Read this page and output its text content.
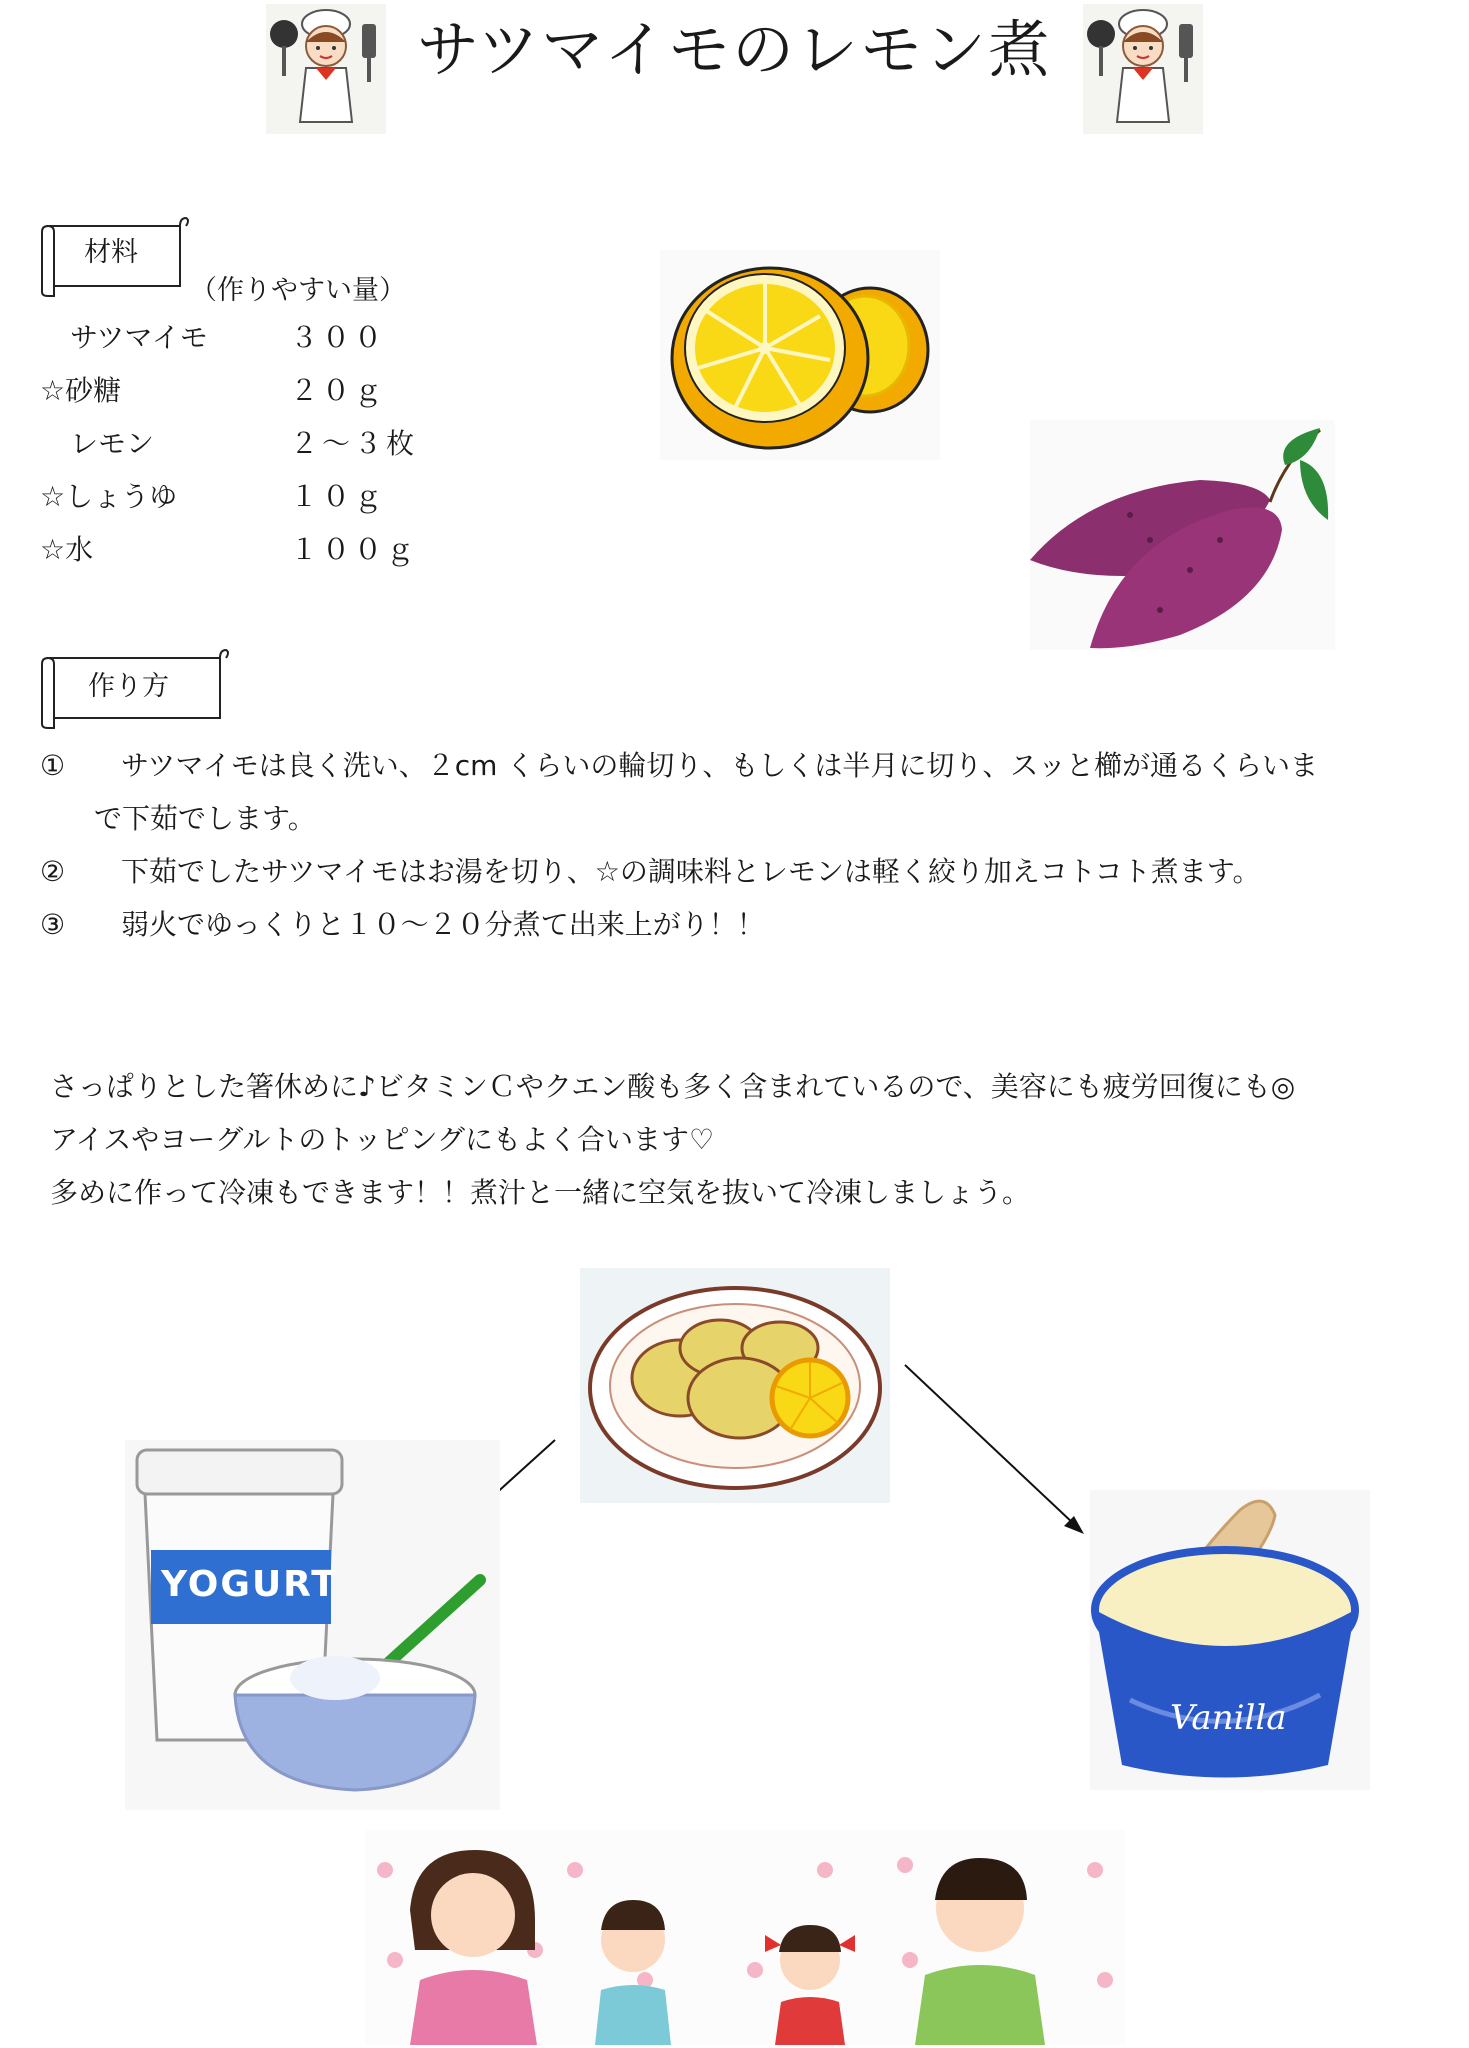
サツマイモのレモン煮
材料
（作りやすい量）
サツマイモ	３００
☆砂糖	２０ｇ
レモン	２～３枚
☆しょうゆ	１０ｇ
☆水	１００ｇ
作り方
① サツマイモは良く洗い、２cm くらいの輪切り、もしくは半月に切り、スッと櫛が通るくらいま
で下茹でします。
② 下茹でしたサツマイモはお湯を切り、☆の調味料とレモンは軽く絞り加えコトコト煮ます。
③ 弱火でゆっくりと１０～２０分煮て出来上がり！！
さっぱりとした箸休めに♪ビタミンＣやクエン酸も多く含まれているので、美容にも疲労回復にも◎
アイスやヨーグルトのトッピングにもよく合います♡
多めに作って冷凍もできます！！煮汁と一緒に空気を抜いて冷凍しましょう。
YOGURT
Vanilla
